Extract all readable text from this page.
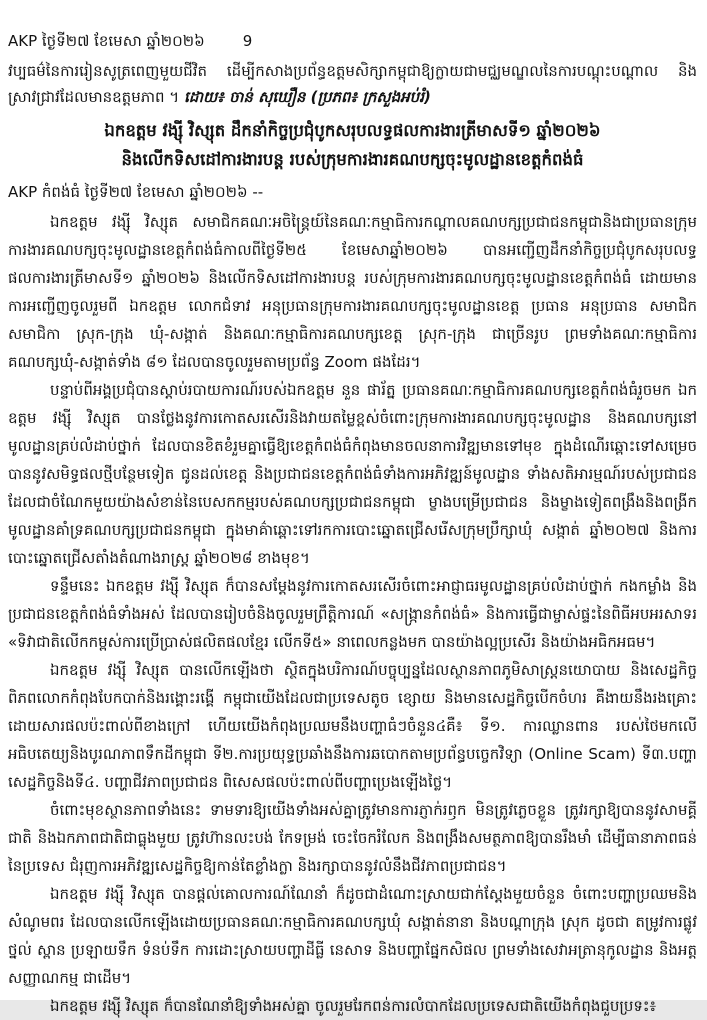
AKP ថ្ងៃទី២៧ ខែមេសា ឆ្នាំ២០២៦	9

វប្បធម៌នៃការរៀនសូត្រពេញមួយជីវិត ដើម្បីកសាងប្រព័ន្ធឧត្តមសិក្សាកម្ពុជាឱ្យក្លាយជាមជ្ឈមណ្ឌលនៃការបណ្ដុះបណ្ដាល និងស្រាវជ្រាវដែលមានឧត្តមភាព ។ ដោយ៖ ចាន់ សុឃឿន (ប្រភព៖ ក្រសួងអប់រំ)

ឯកឧត្តម វង្ស៊ី វិស្សុត ដឹកនាំកិច្ចប្រជុំបូកសរុបលទ្ធផលការងារត្រីមាសទី១ ឆ្នាំ២០២៦
និងលើកទិសដៅការងារបន្ត របស់ក្រុមការងារគណបក្សចុះមូលដ្ឋានខេត្តកំពង់ធំ
AKP កំពង់ធំ ថ្ងៃទី២៧ ខែមេសា ឆ្នាំ២០២៦ --

ឯកឧត្តម វង្ស៊ី វិស្សុត សមាជិកគណៈអចិន្ត្រៃយ៍នៃគណៈកម្មាធិការកណ្តាលគណបក្សប្រជាជនកម្ពុជានិងជាប្រធានក្រុមការងារគណបក្សចុះមូលដ្ឋានខេត្តកំពង់ធំកាលពីថ្ងៃទី២៥ ខែមេសាឆ្នាំ២០២៦ បានអញ្ជើញដឹកនាំកិច្ចប្រជុំបូកសរុបលទ្ធផលការងារត្រីមាសទី១ ឆ្នាំ២០២៦ និងលើកទិសដៅការងារបន្ត របស់ក្រុមការងារគណបក្សចុះមូលដ្ឋានខេត្តកំពង់ធំ ដោយមានការអញ្ជើញចូលរួមពី ឯកឧត្តម លោកជំទាវ អនុប្រធានក្រុមការងារគណបក្សចុះមូលដ្ឋានខេត្ត ប្រធាន អនុប្រធាន សមាជិក សមាជិកា ស្រុក-ក្រុង ឃុំ-សង្កាត់ និងគណៈកម្មាធិការគណបក្សខេត្ត ស្រុក-ក្រុង ជាច្រើនរូប ព្រមទាំងគណៈកម្មាធិការគណបក្សឃុំ-សង្កាត់ទាំង ៨១ ដែលបានចូលរួមតាមប្រព័ន្ធ Zoom ផងដែរ។

បន្ទាប់ពីអង្គប្រជុំបានស្តាប់របាយការណ៍របស់ឯកឧត្តម នួន ផារ័ត្ន ប្រធានគណៈកម្មាធិការគណបក្សខេត្តកំពង់ធំរួចមក ឯកឧត្តម វង្ស៊ី វិស្សុត បានថ្លែងនូវការកោតសរសើរនិងវាយតម្លៃខ្ពស់ចំពោះក្រុមការងារគណបក្សចុះមូលដ្ឋាន និងគណបក្សនៅមូលដ្ឋានគ្រប់លំដាប់ថ្នាក់ ដែលបានខិតខំរួមគ្នាធ្វើឱ្យខេត្តកំពង់ធំកំពុងមានចលនាការវិឌ្ឍមានទៅមុខ ក្នុងដំណើរឆ្ពោះទៅសម្រេចបាននូវសមិទ្ធផលថ្មីបន្ថែមទៀត ជូនដល់ខេត្ត និងប្រជាជនខេត្តកំពង់ធំទាំងការអភិវឌ្ឍន៍មូលដ្ឋាន ទាំងសតិអារម្មណ៍របស់ប្រជាជន ដែលជាចំណែកមួយយ៉ាងសំខាន់នៃបេសកកម្មរបស់គណបក្សប្រជាជនកម្ពុជា ម្ខាងបម្រើប្រជាជន និងម្ខាងទៀតពង្រឹងនិងពង្រីកមូលដ្ឋានគាំទ្រគណបក្សប្រជាជនកម្ពុជា ក្នុងមាគ៌ាឆ្ពោះទៅរកការបោះឆ្នោតជ្រើសរើសក្រុមប្រឹក្សាឃុំ សង្កាត់ ឆ្នាំ២០២៧ និងការបោះឆ្នោតជ្រើសតាំងតំណាងរាស្ត្រ ឆ្នាំ២០២៨ ខាងមុខ។

ទន្ទឹមនេះ ឯកឧត្តម វង្ស៊ី វិស្សុត ក៏បានសម្តែងនូវការកោតសរសើរចំពោះអាជ្ញាធរមូលដ្ឋានគ្រប់លំដាប់ថ្នាក់ កងកម្លាំង និងប្រជាជនខេត្តកំពង់ធំទាំងអស់ ដែលបានរៀបចំនិងចូលរួមព្រឹត្តិការណ៍ «សង្រ្កានកំពង់ធំ» និងការធ្វើជាម្ចាស់ផ្ទះនៃពិធីអបអរសាទរ «ទិវាជាតិលើកកម្ពស់ការប្រើប្រាស់ផលិតផលខ្មែរ លើកទី៥» នាពេលកន្លងមក បានយ៉ាងល្អប្រសើរ និងយ៉ាងអធិកអធម។

ឯកឧត្តម វង្ស៊ី វិស្សុត បានលើកឡើងថា ស្ថិតក្នុងបរិការណ៍បច្ចុប្បន្នដែលស្ថានភាពភូមិសាស្ត្រនយោបាយ និងសេដ្ឋកិច្ចពិភពលោកកំពុងបែកបាក់និងរង្គោះរង្គើ កម្ពុជាយើងដែលជាប្រទេសតូច ខ្សោយ និងមានសេដ្ឋកិច្ចបើកចំហរ គឺងាយនឹងរងគ្រោះដោយសារផលប៉ះពាល់ពីខាងក្រៅ ហើយយើងកំពុងប្រឈមនឹងបញ្ហាធំៗចំនួន៤គឺ៖ ទី១. ការឈ្លានពាន របស់ថៃមកលើអធិបតេយ្យនិងបូរណភាពទឹកដីកម្ពុជា ទី២.ការប្រយុទ្ធប្រឆាំងនឹងការឆបោកតាមប្រព័ន្ធបច្ចេកវិទ្យា (Online Scam) ទី៣.បញ្ហាសេដ្ឋកិច្ចនិងទី៤. បញ្ហាជីវភាពប្រជាជន ពិសេសផលប៉ះពាល់ពីបញ្ហាប្រេងឡើងថ្លៃ។

ចំពោះមុខស្ថានភាពទាំងនេះ ទាមទារឱ្យយើងទាំងអស់គ្នាត្រូវមានការភ្ញាក់រឭក មិនត្រូវភ្លេចខ្លួន ត្រូវរក្សាឱ្យបាននូវសាមគ្គីជាតិ និងឯកភាពជាតិជាធ្លុងមួយ ត្រូវហ៊ានលះបង់ កែទម្រង់ ចេះចែករំលែក និងពង្រឹងសមត្ថភាពឱ្យបានរឹងមាំ ដើម្បីធានាភាពធន់នៃប្រទេស ជំរុញការអភិវឌ្ឍសេដ្ឋកិច្ចឱ្យកាន់តែខ្លាំងក្លា និងរក្សាបាននូវលំនឹងជីវភាពប្រជាជន។

ឯកឧត្តម វង្ស៊ី វិស្សុត បានផ្តល់គោលការណ៍ណែនាំ ក៏ដូចជាដំណោះស្រាយជាក់ស្តែងមួយចំនួន ចំពោះបញ្ហាប្រឈមនិងសំណូមពរ ដែលបានលើកឡើងដោយប្រធានគណៈកម្មាធិការគណបក្សឃុំ សង្កាត់នានា និងបណ្តាក្រុង ស្រុក ដូចជា តម្រូវការផ្លូវថ្នល់ ស្ពាន ប្រឡាយទឹក ទំនប់ទឹក ការដោះស្រាយបញ្ហាដីធ្លី នេសាទ និងបញ្ហាផ្នែកសិផល ព្រមទាំងសេវាអត្រានុកូលដ្ឋាន និងអត្តសញ្ញាណកម្ម ជាដើម។

ឯកឧត្តម វង្ស៊ី វិស្សុត ក៏បានណែនាំឱ្យទាំងអស់គ្នា ចូលរួមរែកពន់ការលំបាកដែលប្រទេសជាតិយើងកំពុងជួបប្រទះ៖
